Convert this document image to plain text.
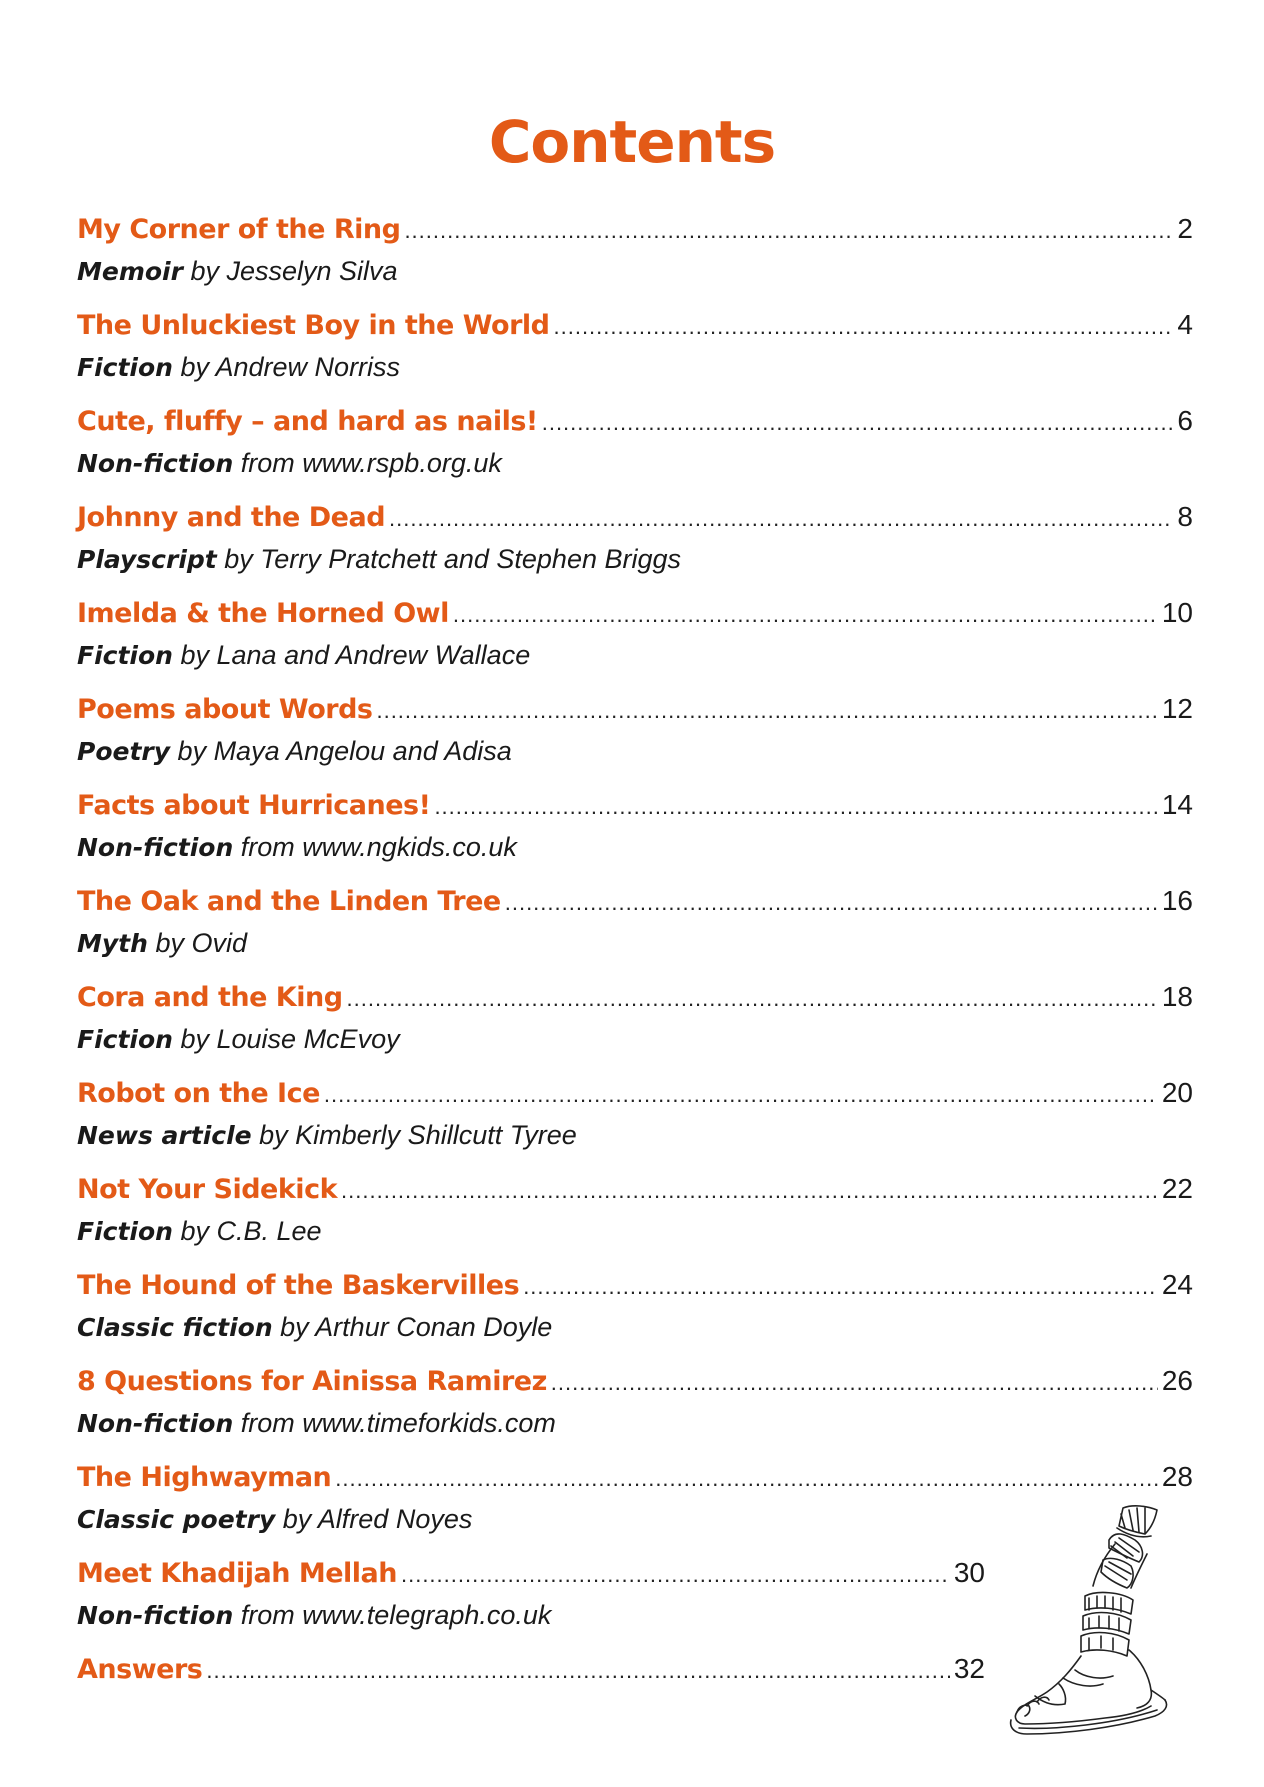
Contents
My Corner of the Ring .....	2
Memoir by Jesselyn Silva
The Unluckiest Boy in the World .....	4
Fiction by Andrew Norriss
Cute, fluffy – and hard as nails! .....	6
Non-fiction from www.rspb.org.uk
Johnny and the Dead .....	8
Playscript by Terry Pratchett and Stephen Briggs
Imelda & the Horned Owl .....	10
Fiction by Lana and Andrew Wallace
Poems about Words .....	12
Poetry by Maya Angelou and Adisa
Facts about Hurricanes! .....	14
Non-fiction from www.ngkids.co.uk
The Oak and the Linden Tree .....	16
Myth by Ovid
Cora and the King .....	18
Fiction by Louise McEvoy
Robot on the Ice .....	20
News article by Kimberly Shillcutt Tyree
Not Your Sidekick .....	22
Fiction by C.B. Lee
The Hound of the Baskervilles .....	24
Classic fiction by Arthur Conan Doyle
8 Questions for Ainissa Ramirez .....	26
Non-fiction from www.timeforkids.com
The Highwayman .....	28
Classic poetry by Alfred Noyes
Meet Khadijah Mellah .....	30
Non-fiction from www.telegraph.co.uk
Answers .....	32
